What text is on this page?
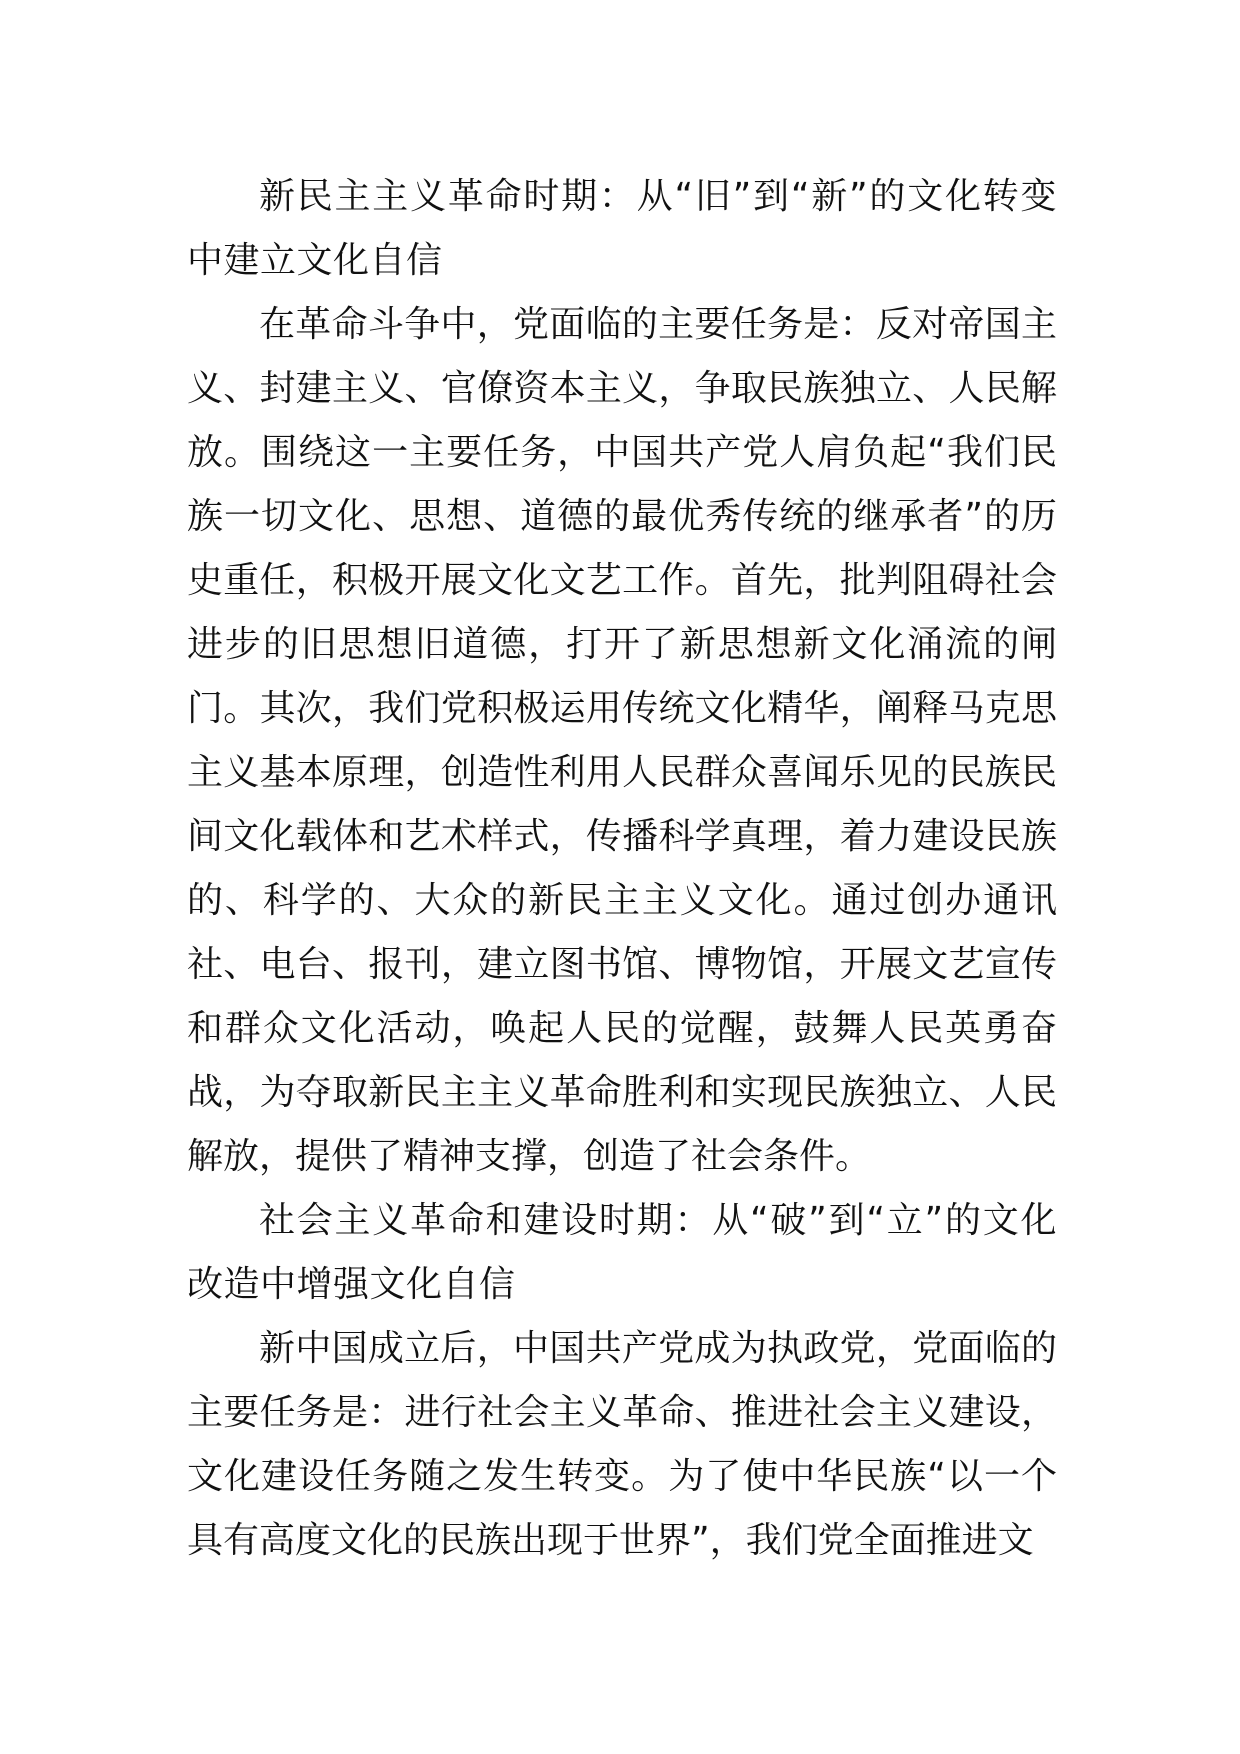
新民主主义革命时期：从“旧”到“新”的文化转变中建立文化自信

在革命斗争中，党面临的主要任务是：反对帝国主义、封建主义、官僚资本主义，争取民族独立、人民解放。围绕这一主要任务，中国共产党人肩负起“我们民族一切文化、思想、道德的最优秀传统的继承者”的历史重任，积极开展文化文艺工作。首先，批判阻碍社会进步的旧思想旧道德，打开了新思想新文化涌流的闸门。其次，我们党积极运用传统文化精华，阐释马克思主义基本原理，创造性利用人民群众喜闻乐见的民族民间文化载体和艺术样式，传播科学真理，着力建设民族的、科学的、大众的新民主主义文化。通过创办通讯社、电台、报刊，建立图书馆、博物馆，开展文艺宣传和群众文化活动，唤起人民的觉醒，鼓舞人民英勇奋战，为夺取新民主主义革命胜利和实现民族独立、人民解放，提供了精神支撑，创造了社会条件。

社会主义革命和建设时期：从“破”到“立”的文化改造中增强文化自信

新中国成立后，中国共产党成为执政党，党面临的主要任务是：进行社会主义革命、推进社会主义建设，文化建设任务随之发生转变。为了使中华民族“以一个具有高度文化的民族出现于世界”，我们党全面推进文
